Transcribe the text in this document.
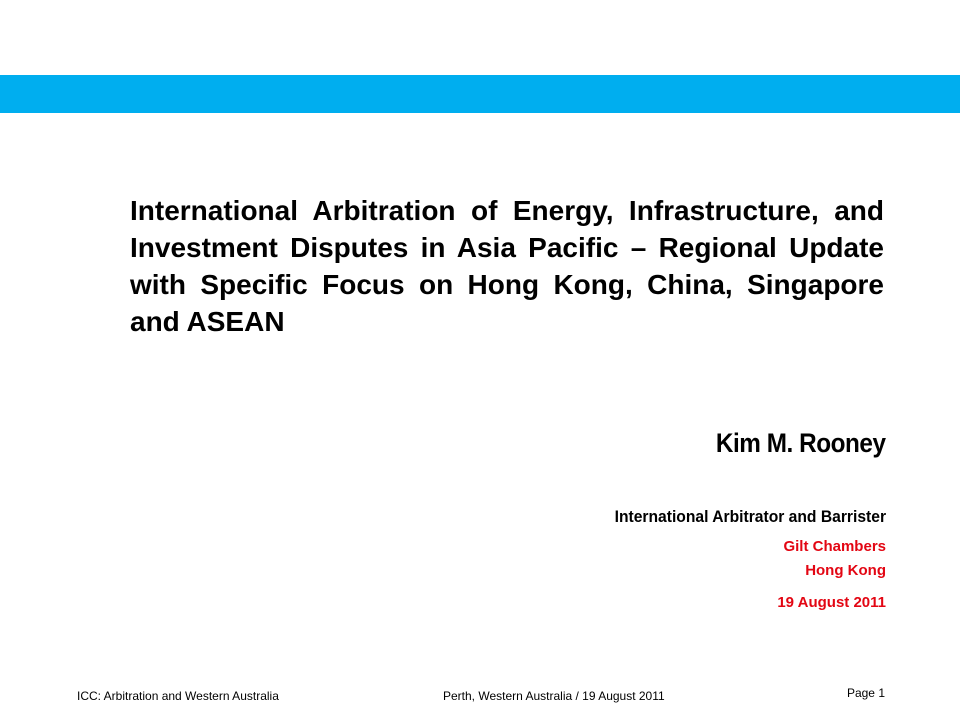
International Arbitration of Energy, Infrastructure, and Investment Disputes in Asia Pacific – Regional Update with Specific Focus on Hong Kong, China, Singapore and ASEAN
Kim M. Rooney
International Arbitrator and Barrister
Gilt Chambers
Hong Kong
19 August 2011
ICC: Arbitration and Western Australia	Perth, Western Australia / 19 August 2011	Page 1
